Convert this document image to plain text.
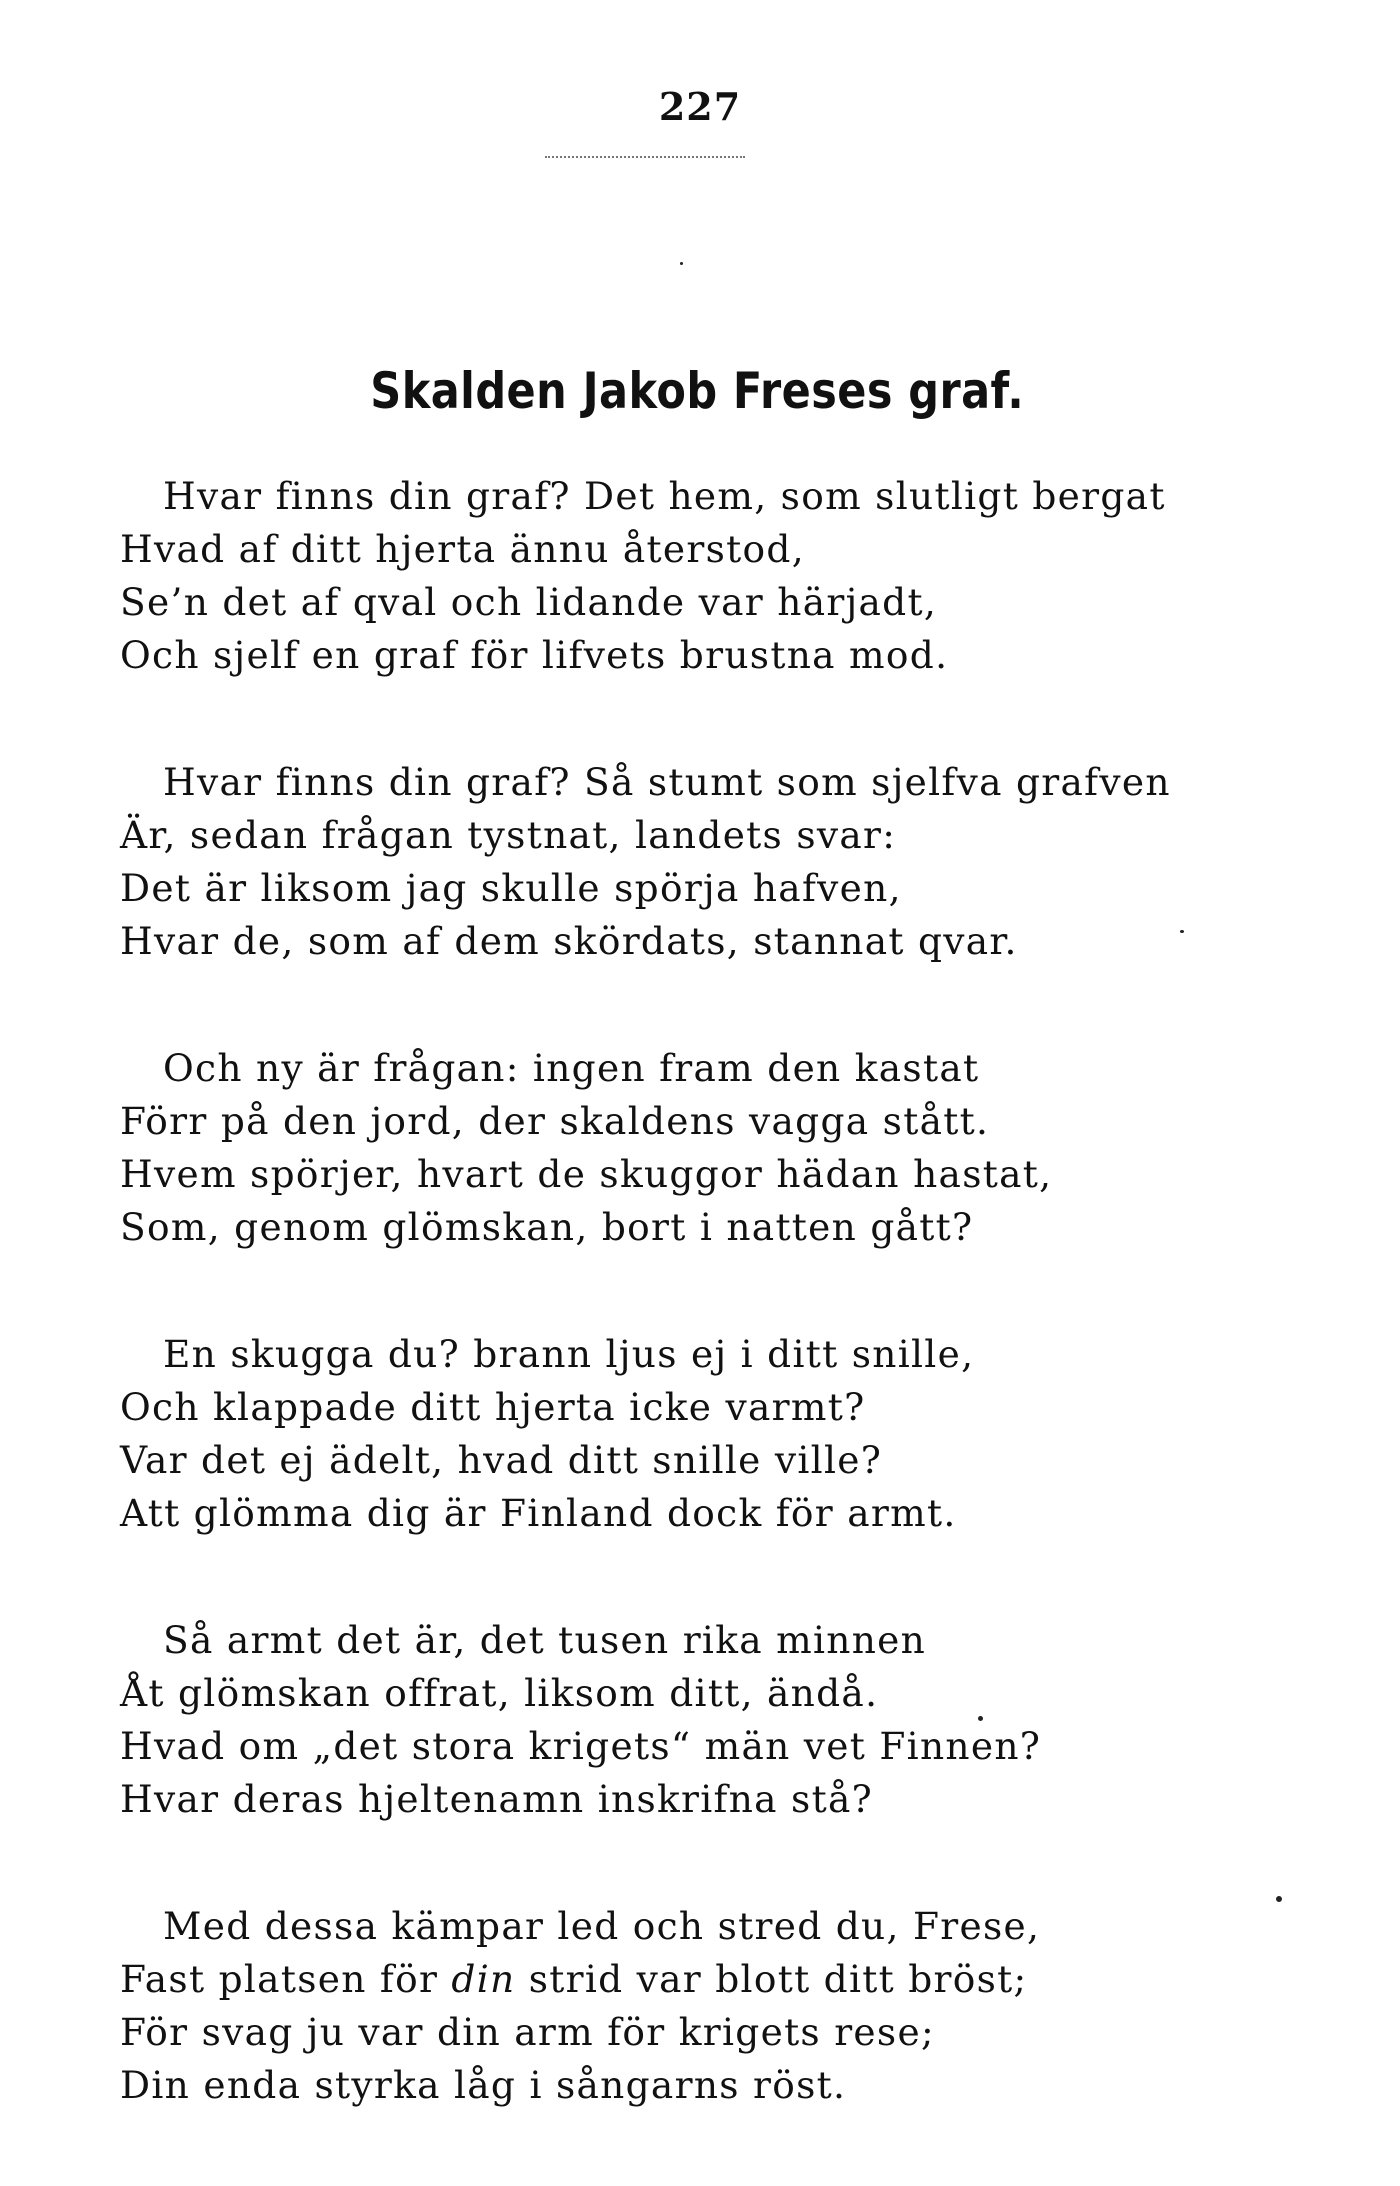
227
Skalden Jakob Freses graf.
Hvar finns din graf? Det hem, som slutligt bergat
Hvad af ditt hjerta ännu återstod,
Se’n det af qval och lidande var härjadt,
Och sjelf en graf för lifvets brustna mod.
Hvar finns din graf? Så stumt som sjelfva grafven
Är, sedan frågan tystnat, landets svar:
Det är liksom jag skulle spörja hafven,
Hvar de, som af dem skördats, stannat qvar.
Och ny är frågan: ingen fram den kastat
Förr på den jord, der skaldens vagga stått.
Hvem spörjer, hvart de skuggor hädan hastat,
Som, genom glömskan, bort i natten gått?
En skugga du? brann ljus ej i ditt snille,
Och klappade ditt hjerta icke varmt?
Var det ej ädelt, hvad ditt snille ville?
Att glömma dig är Finland dock för armt.
Så armt det är, det tusen rika minnen
Åt glömskan offrat, liksom ditt, ändå.
Hvad om „det stora krigets“ män vet Finnen?
Hvar deras hjeltenamn inskrifna stå?
Med dessa kämpar led och stred du, Frese,
Fast platsen för din strid var blott ditt bröst;
För svag ju var din arm för krigets rese;
Din enda styrka låg i sångarns röst.
